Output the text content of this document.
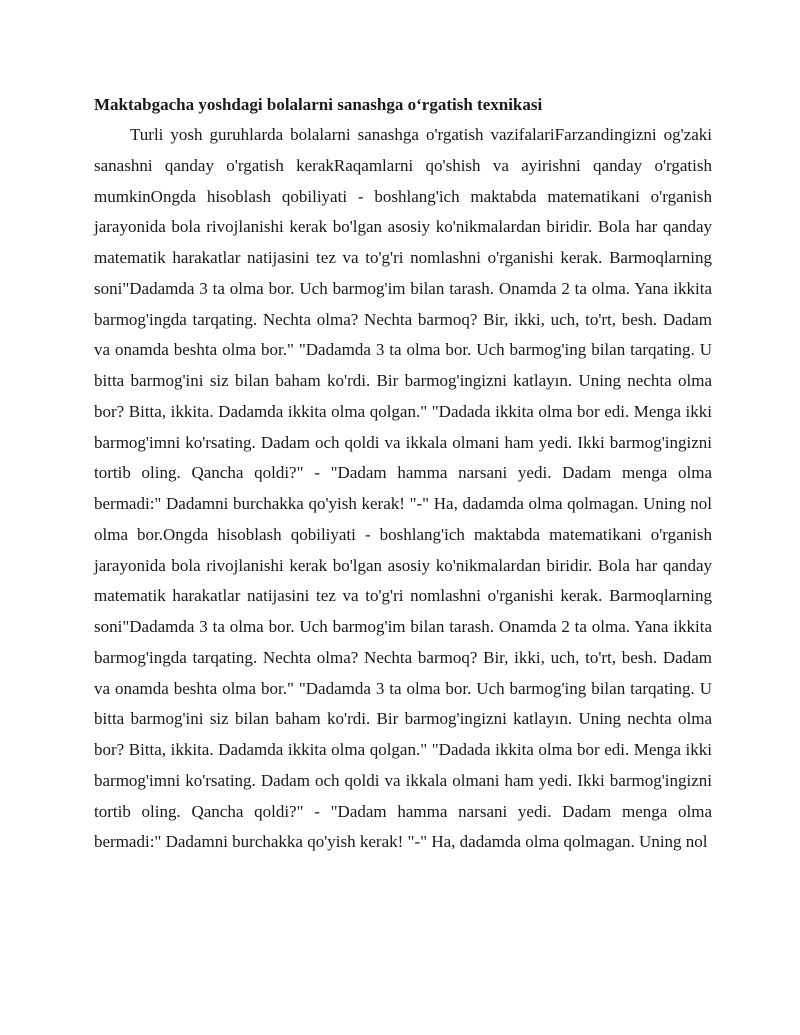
Maktabgacha yoshdagi bolalarni sanashga o‘rgatish texnikasi

Turli yosh guruhlarda bolalarni sanashga o'rgatish vazifalariFarzandingizni og'zaki sanashni qanday o'rgatish kerakRaqamlarni qo'shish va ayirishni qanday o'rgatish mumkinOngda hisoblash qobiliyati - boshlang'ich maktabda matematikani o'rganish jarayonida bola rivojlanishi kerak bo'lgan asosiy ko'nikmalardan biridir. Bola har qanday matematik harakatlar natijasini tez va to'g'ri nomlashni o'rganishi kerak. Barmoqlarning soni"Dadamda 3 ta olma bor. Uch barmog'im bilan tarash. Onamda 2 ta olma. Yana ikkita barmog'ingda tarqating. Nechta olma? Nechta barmoq? Bir, ikki, uch, to'rt, besh. Dadam va onamda beshta olma bor." "Dadamda 3 ta olma bor. Uch barmog'ing bilan tarqating. U bitta barmog'ini siz bilan baham ko'rdi. Bir barmog'ingizni katlayın. Uning nechta olma bor? Bitta, ikkita. Dadamda ikkita olma qolgan." "Dadada ikkita olma bor edi. Menga ikki barmog'imni ko'rsating. Dadam och qoldi va ikkala olmani ham yedi. Ikki barmog'ingizni tortib oling. Qancha qoldi?" - "Dadam hamma narsani yedi. Dadam menga olma bermadi:" Dadamni burchakka qo'yish kerak! "-" Ha, dadamda olma qolmagan. Uning nol olma bor.Ongda hisoblash qobiliyati - boshlang'ich maktabda matematikani o'rganish jarayonida bola rivojlanishi kerak bo'lgan asosiy ko'nikmalardan biridir. Bola har qanday matematik harakatlar natijasini tez va to'g'ri nomlashni o'rganishi kerak. Barmoqlarning soni"Dadamda 3 ta olma bor. Uch barmog'im bilan tarash. Onamda 2 ta olma. Yana ikkita barmog'ingda tarqating. Nechta olma? Nechta barmoq? Bir, ikki, uch, to'rt, besh. Dadam va onamda beshta olma bor." "Dadamda 3 ta olma bor. Uch barmog'ing bilan tarqating. U bitta barmog'ini siz bilan baham ko'rdi. Bir barmog'ingizni katlayın. Uning nechta olma bor? Bitta, ikkita. Dadamda ikkita olma qolgan." "Dadada ikkita olma bor edi. Menga ikki barmog'imni ko'rsating. Dadam och qoldi va ikkala olmani ham yedi. Ikki barmog'ingizni tortib oling. Qancha qoldi?" - "Dadam hamma narsani yedi. Dadam menga olma bermadi:" Dadamni burchakka qo'yish kerak! "-" Ha, dadamda olma qolmagan. Uning nol
